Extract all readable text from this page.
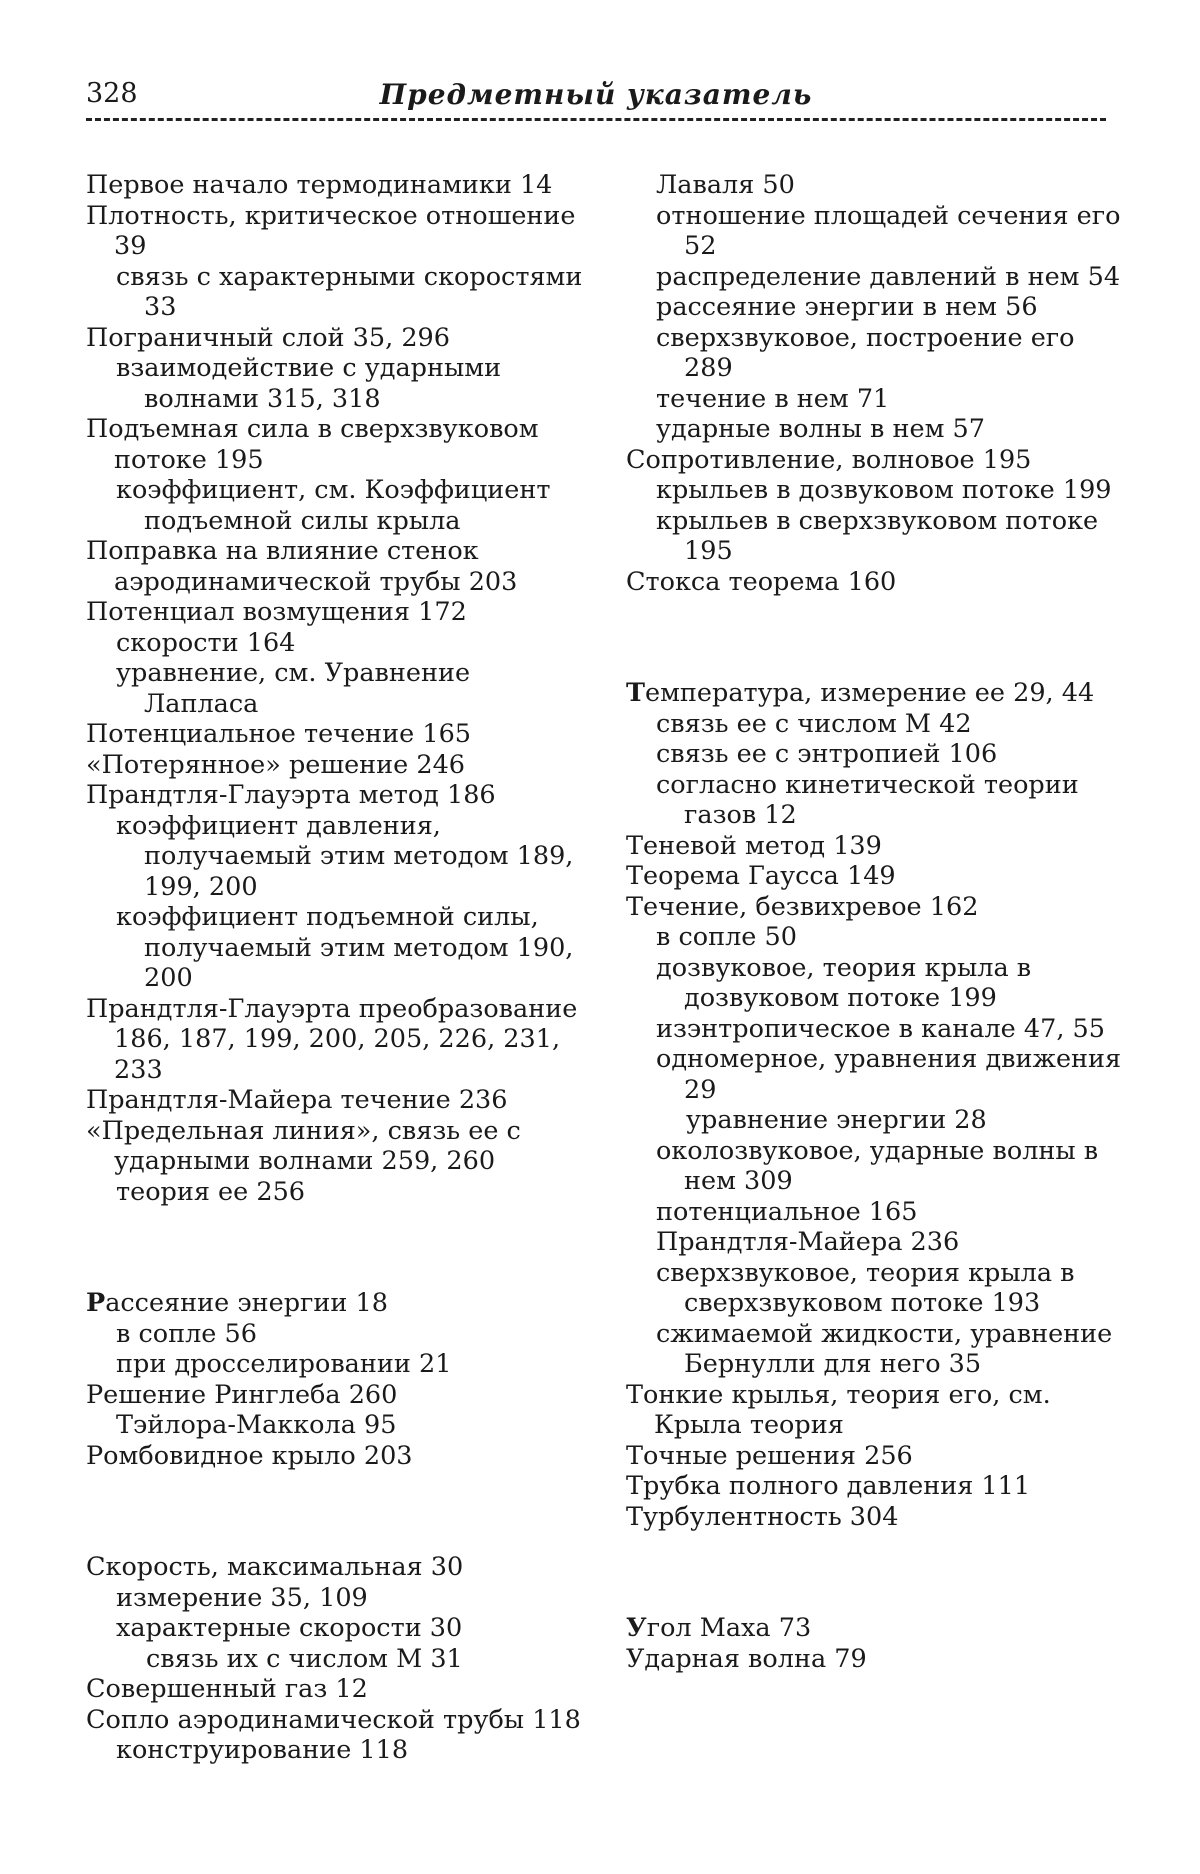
328	Предметный указатель

Первое начало термодинамики 14

Плотность, критическое отношение 39

связь с характерными скоростями 33

Пограничный слой 35, 296

взаимодействие с ударными волнами 315, 318

Подъемная сила в сверхзвуковом потоке 195

коэффициент, см. Коэффициент подъемной силы крыла

Поправка на влияние стенок аэродинамической трубы 203

Потенциал возмущения 172

скорости 164

уравнение, см. Уравнение Лапласа

Потенциальное течение 165

«Потерянное» решение 246

Прандтля-Глауэрта метод 186

коэффициент давления, получаемый этим методом 189, 199, 200

коэффициент подъемной силы, получаемый этим методом 190, 200

Прандтля-Глауэрта преобразование 186, 187, 199, 200, 205, 226, 231, 233

Прандтля-Майера течение 236

«Предельная линия», связь ее с ударными волнами 259, 260

теория ее 256

Рассеяние энергии 18

в сопле 56

при дросселировании 21

Решение Ринглеба 260

Тэйлора-Маккола 95

Ромбовидное крыло 203

Скорость, максимальная 30

измерение 35, 109

характерные скорости 30

связь их с числом М 31

Совершенный газ 12

Сопло аэродинамической трубы 118

конструирование 118

Лаваля 50

отношение площадей сечения его 52

распределение давлений в нем 54

рассеяние энергии в нем 56

сверхзвуковое, построение его 289

течение в нем 71

ударные волны в нем 57

Сопротивление, волновое 195

крыльев в дозвуковом потоке 199

крыльев в сверхзвуковом потоке 195

Стокса теорема 160

Температура, измерение ее 29, 44

связь ее с числом М 42

связь ее с энтропией 106

согласно кинетической теории газов 12

Теневой метод 139

Теорема Гаусса 149

Течение, безвихревое 162

в сопле 50

дозвуковое, теория крыла в дозвуковом потоке 199

изэнтропическое в канале 47, 55

одномерное, уравнения движения 29

уравнение энергии 28

околозвуковое, ударные волны в нем 309

потенциальное 165

Прандтля-Майера 236

сверхзвуковое, теория крыла в сверхзвуковом потоке 193

сжимаемой жидкости, уравнение Бернулли для него 35

Тонкие крылья, теория его, см. Крыла теория

Точные решения 256

Трубка полного давления 111

Турбулентность 304

Угол Маха 73

Ударная волна 79
